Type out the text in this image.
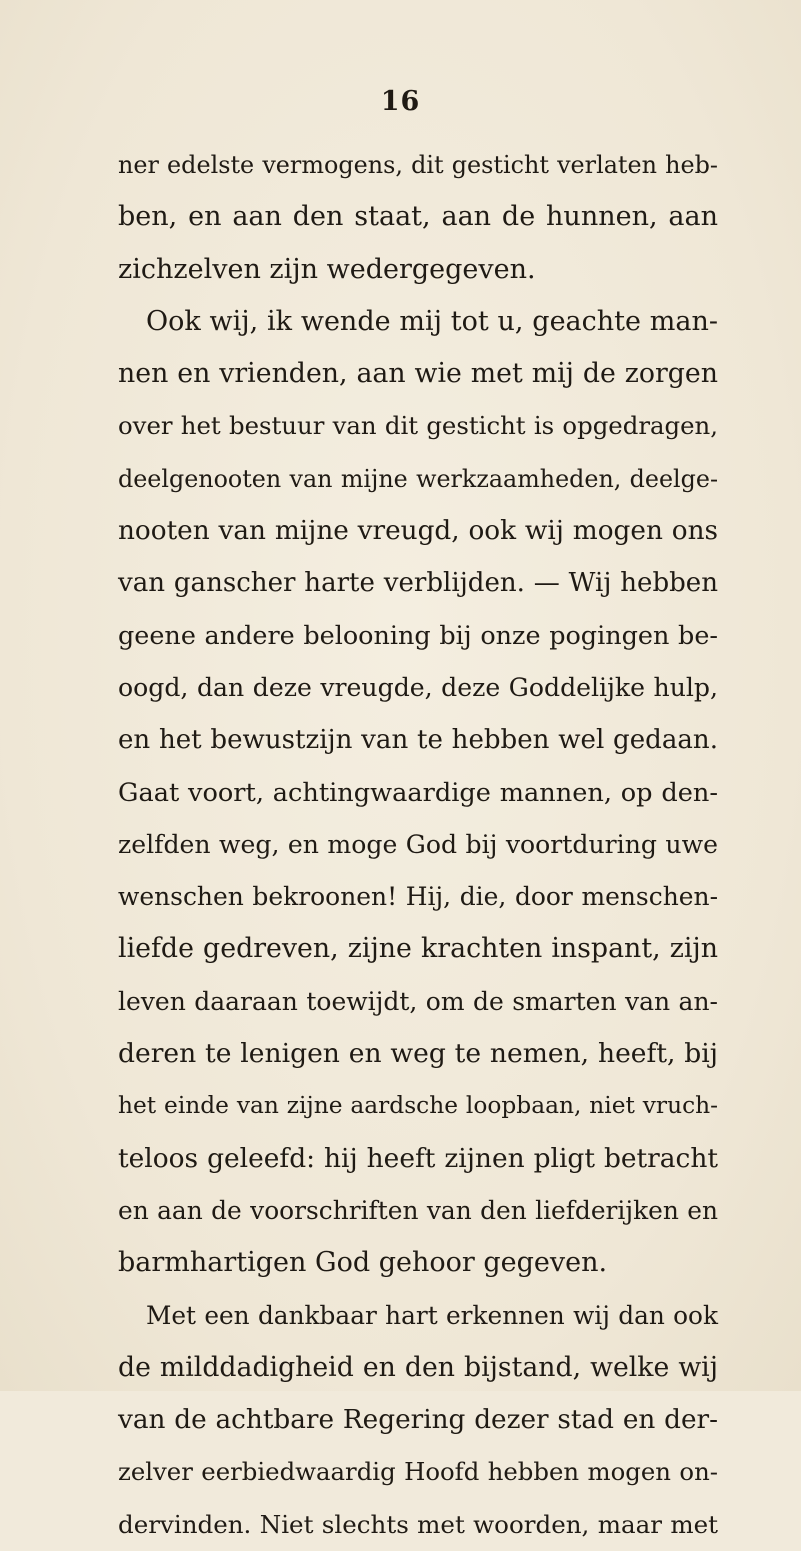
16
ner edelste vermogens, dit gesticht verlaten heb-
ben, en aan den staat, aan de hunnen, aan
zichzelven zijn wedergegeven.
Ook wij, ik wende mij tot u, geachte man-
nen en vrienden, aan wie met mij de zorgen
over het bestuur van dit gesticht is opgedragen,
deelgenooten van mijne werkzaamheden, deelge-
nooten van mijne vreugd, ook wij mogen ons
van ganscher harte verblijden. — Wij hebben
geene andere belooning bij onze pogingen be-
oogd, dan deze vreugde, deze Goddelijke hulp,
en het bewustzijn van te hebben wel gedaan.
Gaat voort, achtingwaardige mannen, op den-
zelfden weg, en moge God bij voortduring uwe
wenschen bekroonen! Hij, die, door menschen-
liefde gedreven, zijne krachten inspant, zijn
leven daaraan toewijdt, om de smarten van an-
deren te lenigen en weg te nemen, heeft, bij
het einde van zijne aardsche loopbaan, niet vruch-
teloos geleefd: hij heeft zijnen pligt betracht
en aan de voorschriften van den liefderijken en
barmhartigen God gehoor gegeven.
Met een dankbaar hart erkennen wij dan ook
de milddadigheid en den bijstand, welke wij
van de achtbare Regering dezer stad en der-
zelver eerbiedwaardig Hoofd hebben mogen on-
dervinden. Niet slechts met woorden, maar met
